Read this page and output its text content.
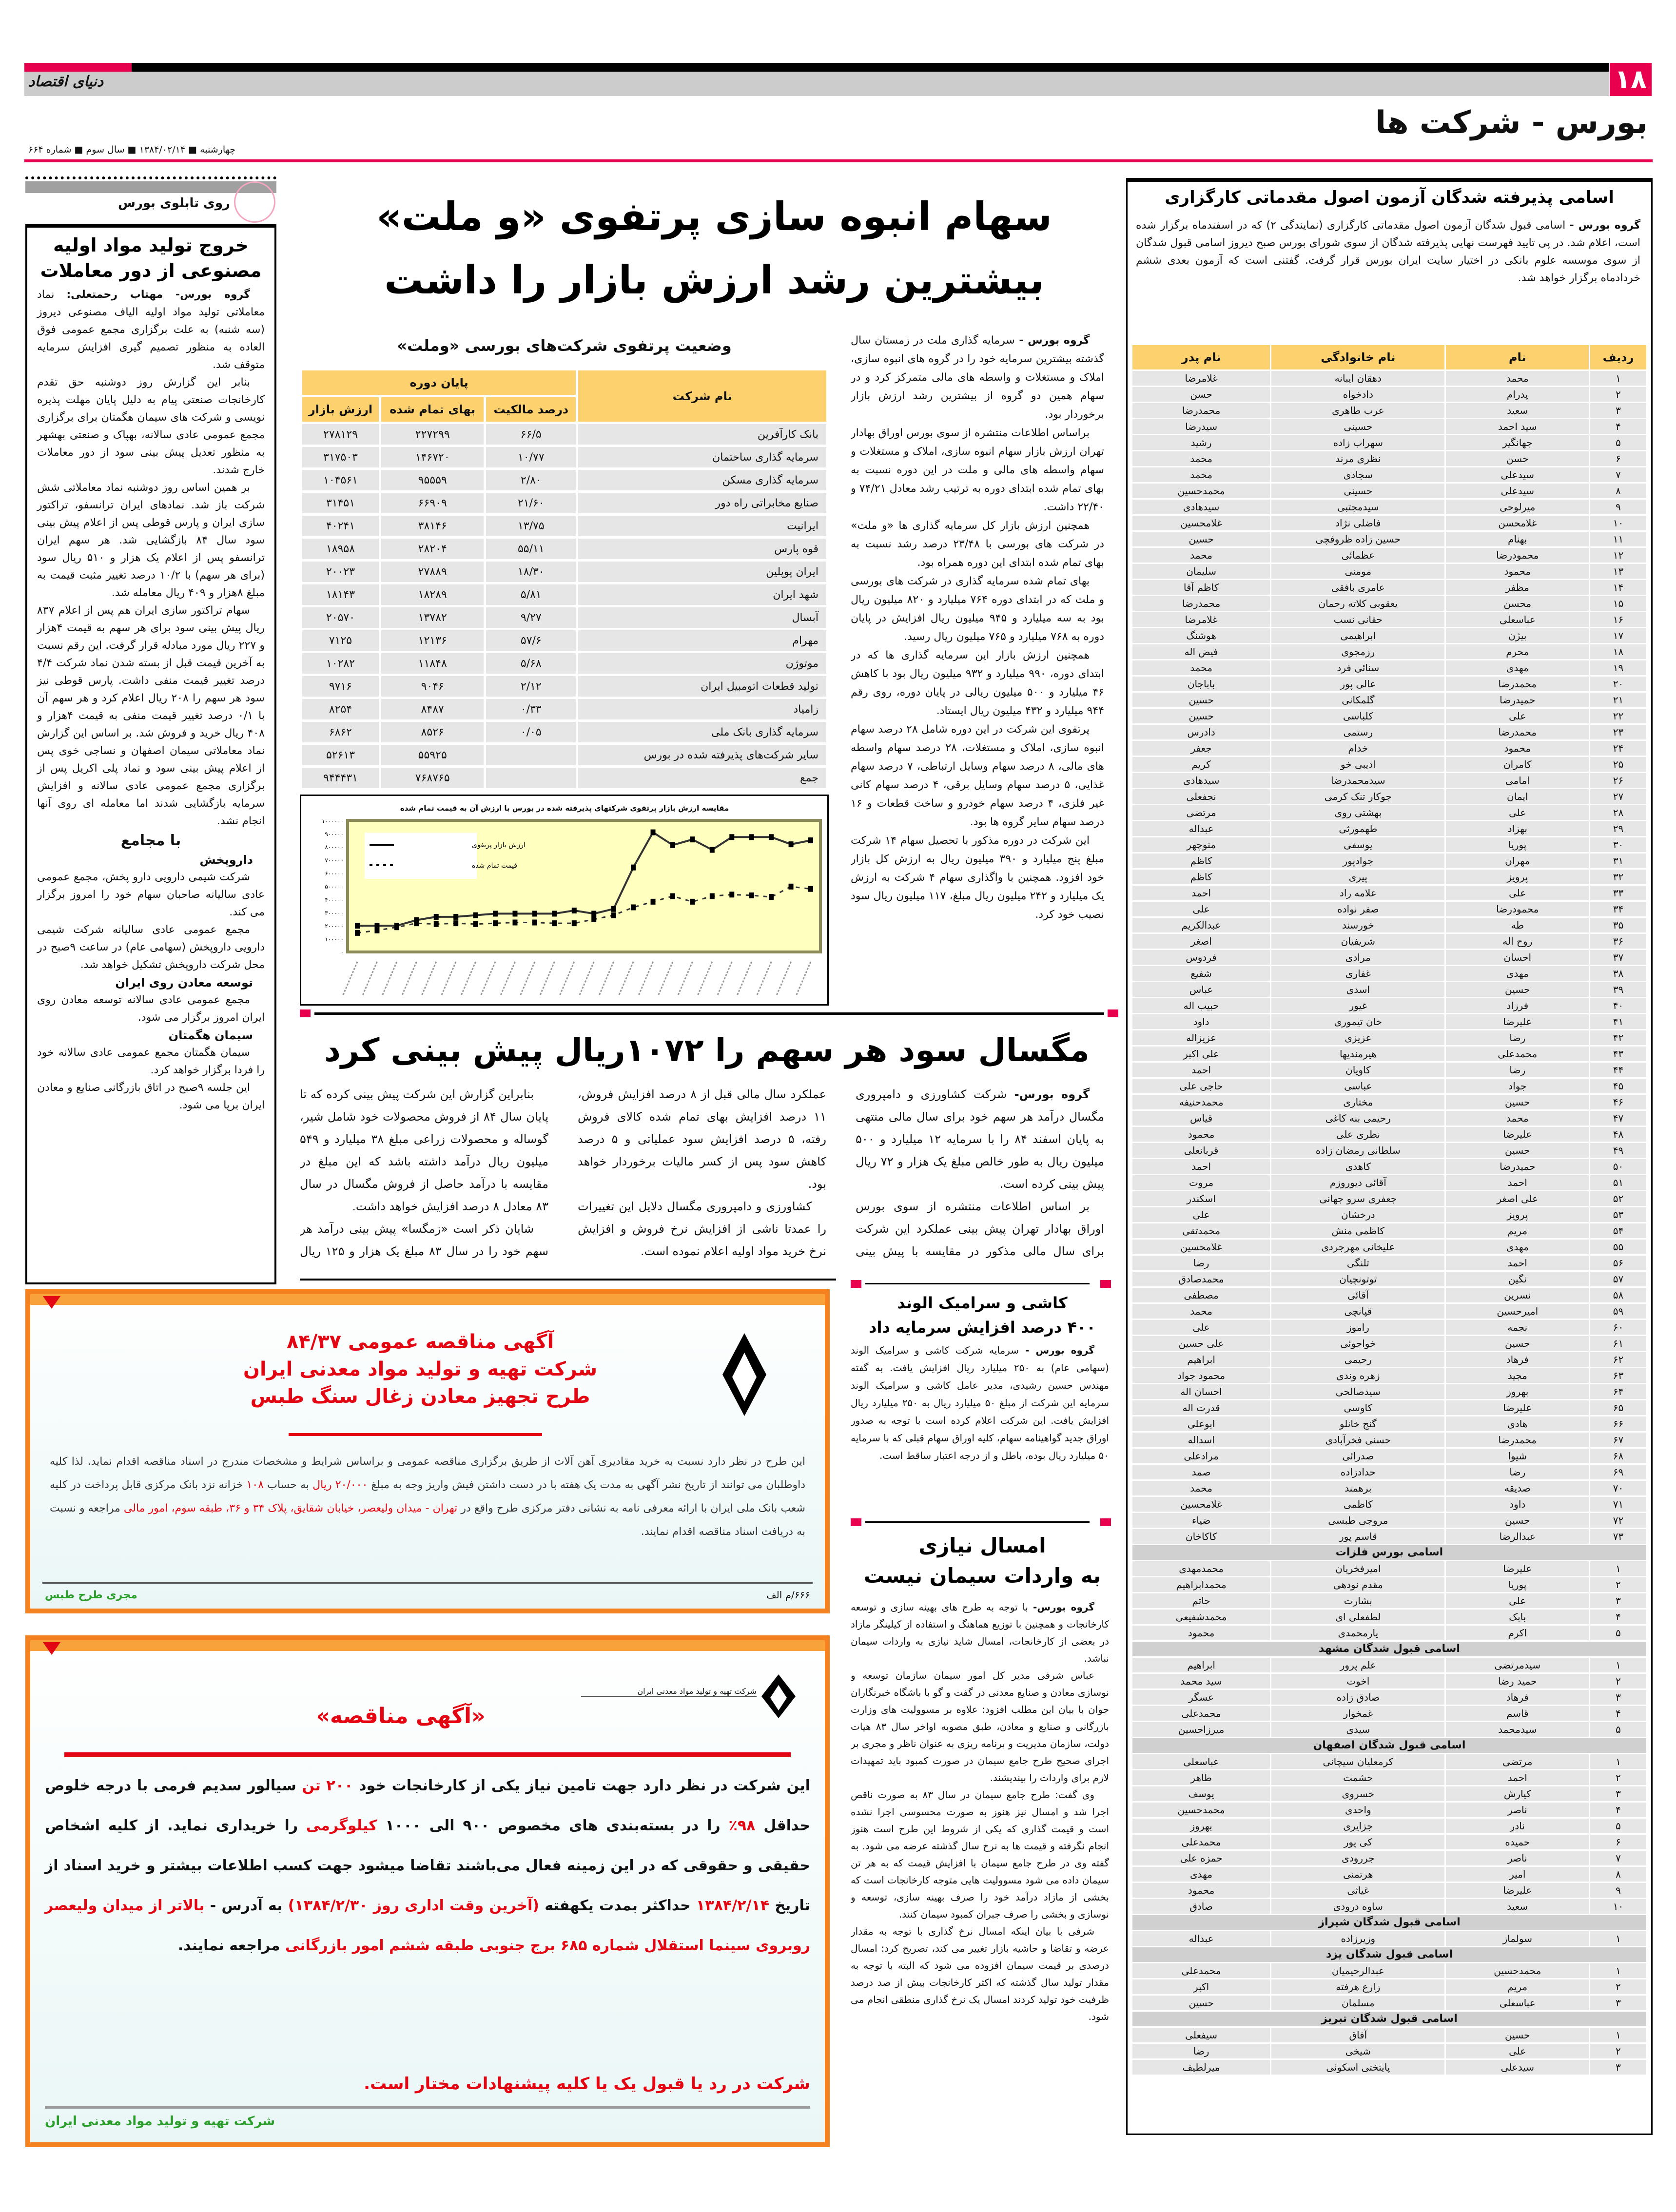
دنیای اقتصاد	۱۸
بورس - شرکت ها
چهارشنبه ■ ۱۳۸۴/۰۲/۱۴ ■ سال سوم ■ شماره ۶۶۴
روی تابلوی بورس
خروج تولید مواد اولیه مصنوعی از دور معاملات

گروه بورس- مهتاب رحمتعلی: نماد معاملاتی تولید مواد اولیه الیاف مصنوعی دیروز (سه شنبه) به علت برگزاری مجمع عمومی فوق العاده به منظور تصمیم گیری افزایش سرمایه متوقف شد.

بنابر این گزارش روز دوشنبه حق تقدم کارخانجات صنعتی پیام به دلیل پایان مهلت پذیره نویسی و شرکت های سیمان هگمتان برای برگزاری مجمع عمومی عادی سالانه، بهپاک و صنعتی بهشهر به منظور تعدیل پیش بینی سود از دور معاملات خارج شدند.

بر همین اساس روز دوشنبه نماد معاملاتی شش شرکت باز شد. نمادهای ایران ترانسفو، تراکتور سازی ایران و پارس قوطی پس از اعلام پیش بینی سود سال ۸۴ بازگشایی شد. هر سهم ایران ترانسفو پس از اعلام یک هزار و ۵۱۰ ریال سود (برای هر سهم) با ۱۰/۲ درصد تغییر مثبت قیمت به مبلغ ۸هزار و ۴۰۹ ریال معامله شد.

سهام تراکتور سازی ایران هم پس از اعلام ۸۳۷ ریال پیش بینی سود برای هر سهم به قیمت ۴هزار و ۲۲۷ ریال مورد مبادله قرار گرفت. این رقم نسبت به آخرین قیمت قبل از بسته شدن نماد شرکت ۴/۴ درصد تغییر قیمت منفی داشت. پارس قوطی نیز سود هر سهم را ۲۰۸ ریال اعلام کرد و هر سهم آن با ۰/۱ درصد تغییر قیمت منفی به قیمت ۴هزار و ۴۰۸ ریال خرید و فروش شد. بر اساس این گزارش نماد معاملاتی سیمان اصفهان و نساجی خوی پس از اعلام پیش بینی سود و نماد پلی اکریل پس از برگزاری مجمع عمومی عادی سالانه و افزایش سرمایه بازگشایی شدند اما معامله ای روی آنها انجام نشد.

با مجامع
داروپخش

شرکت شیمی دارویی دارو پخش، مجمع عمومی عادی سالیانه صاحبان سهام خود را امروز برگزار می کند.

مجمع عمومی عادی سالیانه شرکت شیمی دارویی داروپخش (سهامی عام) در ساعت ۹صبح در محل شرکت داروپخش تشکیل خواهد شد.

توسعه معادن روی ایران

مجمع عمومی عادی سالانه توسعه معادن روی ایران امروز برگزار می شود.

سیمان هگمتان

سیمان هگمتان مجمع عمومی عادی سالانه خود را فردا برگزار خواهد کرد.

این جلسه ۹صبح در اتاق بازرگانی صنایع و معادن ایران برپا می شود.

سهام انبوه سازی پرتفوی «و ملت» بیشترین رشد ارزش بازار را داشت
وضعیت پرتفوی شرکت‌های بورسی «وملت»
نام شرکت	پایان دوره		
	درصد مالکیت	بهای تمام شده	ارزش بازار
بانک کارآفرین	۶۶/۵	۲۲۷۲۹۹	۲۷۸۱۲۹
سرمایه گذاری ساختمان	۱۰/۷۷	۱۴۶۷۲۰	۳۱۷۵۰۳
سرمایه گذاری مسکن	۲/۸۰	۹۵۵۵۹	۱۰۴۵۶۱
صنایع مخابراتی راه دور	۲۱/۶۰	۶۶۹۰۹	۳۱۴۵۱
ایرانیت	۱۳/۷۵	۳۸۱۴۶	۴۰۲۴۱
قوه پارس	۵۵/۱۱	۲۸۲۰۴	۱۸۹۵۸
ایران پوپلین	۱۸/۳۰	۲۷۸۸۹	۲۰۰۲۳
شهد ایران	۵/۸۱	۱۸۲۸۹	۱۸۱۴۳
آبسال	۹/۲۷	۱۳۷۸۲	۲۰۵۷۰
مهرام	۵۷/۶	۱۲۱۳۶	۷۱۲۵
موتوژن	۵/۶۸	۱۱۸۴۸	۱۰۲۸۲
تولید قطعات اتومبیل ایران	۲/۱۲	۹۰۴۶	۹۷۱۶
زامیاد	۰/۳۳	۸۴۸۷	۸۲۵۴
سرمایه گذاری بانک ملی	۰/۰۵	۸۵۲۶	۶۸۶۲
سایر شرکت‌های پذیرفته شده در بورس		۵۵۹۲۵	۵۲۶۱۳
جمع		۷۶۸۷۶۵	۹۴۴۴۳۱
مقایسه ارزش بازار پرتفوی شرکتهای پذیرفته شده در بورس با ارزش آن به قیمت تمام شده
۰
۱۰۰۰۰۰
۲۰۰۰۰۰
۳۰۰۰۰۰
۴۰۰۰۰۰
۵۰۰۰۰۰
۶۰۰۰۰۰
۷۰۰۰۰۰
۸۰۰۰۰۰
۹۰۰۰۰۰
۱۰۰۰۰۰۰
ارزش بازار پرتفوی
قیمت تمام شده

گروه بورس - سرمایه گذاری ملت در زمستان سال گذشته بیشترین سرمایه خود را در گروه های انبوه سازی، املاک و مستغلات و واسطه های مالی متمرکز کرد و در سهام همین دو گروه از بیشترین رشد ارزش بازار برخوردار بود.

براساس اطلاعات منتشره از سوی بورس اوراق بهادار تهران ارزش بازار سهام انبوه سازی، املاک و مستغلات و سهام واسطه های مالی و ملت در این دوره نسبت به بهای تمام شده ابتدای دوره به ترتیب رشد معادل ۷۴/۲۱ و ۲۲/۴۰ داشت.

همچنین ارزش بازار کل سرمایه گذاری ها «و ملت» در شرکت های بورسی با ۲۳/۴۸ درصد رشد نسبت به بهای تمام شده ابتدای این دوره همراه بود.

بهای تمام شده سرمایه گذاری در شرکت های بورسی و ملت که در ابتدای دوره ۷۶۴ میلیارد و ۸۲۰ میلیون ریال بود به سه میلیارد و ۹۴۵ میلیون ریال افزایش در پایان دوره به ۷۶۸ میلیارد و ۷۶۵ میلیون ریال رسید.

همچنین ارزش بازار این سرمایه گذاری ها که در ابتدای دوره، ۹۹۰ میلیارد و ۹۳۲ میلیون ریال بود با کاهش ۴۶ میلیارد و ۵۰۰ میلیون ریالی در پایان دوره، روی رقم ۹۴۴ میلیارد و ۴۳۲ میلیون ریال ایستاد.

پرتفوی این شرکت در این دوره شامل ۲۸ درصد سهام انبوه سازی، املاک و مستغلات، ۲۸ درصد سهام واسطه های مالی، ۸ درصد سهام وسایل ارتباطی، ۷ درصد سهام غذایی، ۵ درصد سهام وسایل برقی، ۴ درصد سهام کانی غیر فلزی، ۴ درصد سهام خودرو و ساخت قطعات و ۱۶ درصد سهام سایر گروه ها بود.

این شرکت در دوره مذکور با تحصیل سهام ۱۴ شرکت مبلغ پنج میلیارد و ۳۹۰ میلیون ریال به ارزش کل بازار خود افزود. همچنین با واگذاری سهام ۴ شرکت به ارزش یک میلیارد و ۲۴۲ میلیون ریال مبلغ، ۱۱۷ میلیون ریال سود نصیب خود کرد.

مگسال سود هر سهم را ۱۰۷۲ریال پیش بینی کرد

گروه بورس- شرکت کشاورزی و دامپروری مگسال درآمد هر سهم خود برای سال مالی منتهی به پایان اسفند ۸۴ را با سرمایه ۱۲ میلیارد و ۵۰۰ میلیون ریال به طور خالص مبلغ یک هزار و ۷۲ ریال پیش بینی کرده است.

بر اساس اطلاعات منتشره از سوی بورس اوراق بهادار تهران پیش بینی عملکرد این شرکت برای سال مالی مذکور در مقایسه با پیش بینی عملکرد سال مالی قبل از ۸ درصد افزایش فروش، ۱۱ درصد افزایش بهای تمام شده کالای فروش رفته، ۵ درصد افزایش سود عملیاتی و ۵ درصد کاهش سود پس از کسر مالیات برخوردار خواهد بود.

کشاورزی و دامپروری مگسال دلایل این تغییرات را عمدتا ناشی از افزایش نرخ فروش و افزایش نرخ خرید مواد اولیه اعلام نموده است.

بنابراین گزارش این شرکت پیش بینی کرده که تا پایان سال ۸۴ از فروش محصولات خود شامل شیر، گوساله و محصولات زراعی مبلغ ۳۸ میلیارد و ۵۴۹ میلیون ریال درآمد داشته باشد که این مبلغ در مقایسه با درآمد حاصل از فروش مگسال در سال ۸۳ معادل ۸ درصد افزایش خواهد داشت.

شایان ذکر است «زمگسا» پیش بینی درآمد هر سهم خود را در سال ۸۳ مبلغ یک هزار و ۱۲۵ ریال

کاشی و سرامیک الوند
۴۰۰ درصد افزایش سرمایه داد

گروه بورس - سرمایه شرکت کاشی و سرامیک الوند (سهامی عام) به ۲۵۰ میلیارد ریال افزایش یافت. به گفته مهندس حسین رشیدی، مدیر عامل کاشی و سرامیک الوند سرمایه این شرکت از مبلغ ۵۰ میلیارد ریال به ۲۵۰ میلیارد ریال افزایش یافت. این شرکت اعلام کرده است با توجه به صدور اوراق جدید گواهینامه سهام، کلیه اوراق سهام قبلی که با سرمایه ۵۰ میلیارد ریال بوده، باطل و از درجه اعتبار ساقط است.

امسال نیازی
به واردات سیمان نیست

گروه بورس- با توجه به طرح های بهینه سازی و توسعه کارخانجات و همچنین با توزیع هماهنگ و استفاده از کیلینگر مازاد در بعضی از کارخانجات، امسال شاید نیازی به واردات سیمان نباشد.

عباس شرفی مدیر کل امور سیمان سازمان توسعه و نوسازی معادن و صنایع معدنی در گفت و گو با باشگاه خبرنگاران جوان با بیان این مطلب افزود: علاوه بر مسوولیت های وزارت بازرگانی و صنایع و معادن، طبق مصوبه اواخر سال ۸۳ هیات دولت، سازمان مدیریت و برنامه ریزی به عنوان ناظر و مجری بر اجرای صحیح طرح جامع سیمان در صورت کمبود باید تمهیدات لازم برای واردات را بیندیشند.

وی گفت: طرح جامع سیمان در سال ۸۳ به صورت ناقص اجرا شد و امسال نیز هنوز به صورت محسوسی اجرا نشده است و قیمت گذاری که یکی از شروط این طرح است هنوز انجام نگرفته و قیمت ها به نرخ سال گذشته عرضه می شود. به گفته وی در طرح جامع سیمان با افزایش قیمت که به هر تن سیمان داده می شود مسوولیت هایی متوجه کارخانجات است که بخشی از مازاد درآمد خود را صرف بهینه سازی، توسعه و نوسازی و بخشی را صرف جبران کمبود سیمان کنند.

شرفی با بیان اینکه امسال نرخ گذاری با توجه به مقدار عرضه و تقاضا و حاشیه بازار تغییر می کند، تصریح کرد: امسال درصدی بر قیمت سیمان افزوده می شود که البته با توجه به مقدار تولید سال گذشته که اکثر کارخانجات بیش از صد درصد ظرفیت خود تولید کردند امسال یک نرخ گذاری منطقی انجام می شود.

اسامی پذیرفته شدگان آزمون اصول مقدماتی کارگزاری
گروه بورس - اسامی قبول شدگان آزمون اصول مقدماتی کارگزاری (نمایندگی ۲) که در اسفندماه برگزار شده است، اعلام شد. در پی تایید فهرست نهایی پذیرفته شدگان از سوی شورای بورس صبح دیروز اسامی قبول شدگان از سوی موسسه علوم بانکی در اختیار سایت ایران بورس قرار گرفت. گفتنی است که آزمون بعدی ششم خردادماه برگزار خواهد شد.
ردیف	نام	نام خانوادگی	نام پدر
۱	محمد	دهقان ایبانه	غلامرضا
۲	پدرام	دادخواه	حسن
۳	سعید	عرب طاهری	محمدرضا
۴	سید احمد	حسینی	سیدرضا
۵	جهانگیر	سهراب زاده	رشید
۶	حسن	نظری مرند	محمد
۷	سیدعلی	سجادی	محمد
۸	سیدعلی	حسینی	محمدحسین
۹	میرلوحی	سیدمجتبی	سیدهادی
۱۰	غلامحسن	فاضلی نژاد	غلامحسین
۱۱	بهنام	حسین زاده ظروفچی	حسین
۱۲	محمودرضا	عظمائی	محمد
۱۳	محمود	مومنی	سلیمان
۱۴	مظفر	عامری بافقی	کاظم آقا
۱۵	محسن	یعقوبی کلاته رحمان	محمدرضا
۱۶	عباسعلی	حقانی نسب	غلامرضا
۱۷	بیژن	ابراهیمی	هوشنگ
۱۸	محرم	رزمجوی	فیض اله
۱۹	مهدی	سنائی فرد	محمد
۲۰	محمدرضا	عالی پور	باباجان
۲۱	حمیدرضا	گلمکانی	حسین
۲۲	علی	کلباسی	حسین
۲۳	محمدرضا	رستمی	دادرس
۲۴	محمود	خدام	جعفر
۲۵	کامران	ادیبی خو	کریم
۲۶	امامی	سیدمحمدرضا	سیدهادی
۲۷	ایمان	جوکار تنک کرمی	نجفعلی
۲۸	علی	بهشتی روی	مرتضی
۲۹	بهزاد	طهمورثی	عبداله
۳۰	پوریا	یوسفی	منوچهر
۳۱	مهران	جوادپور	کاظم
۳۲	پرویز	پیری	کاظم
۳۳	علی	علامه راد	احمد
۳۴	محمودرضا	صفر نواده	علی
۳۵	طه	خورسند	عبدالکریم
۳۶	روح اله	شریفیان	اصغر
۳۷	احسان	مرادی	فردوس
۳۸	مهدی	غفاری	شفیع
۳۹	حسین	اسدی	عباس
۴۰	فرزاد	غیور	حبیب اله
۴۱	علیرضا	خان تیموری	داود
۴۲	رضا	عزیزی	عزیزاله
۴۳	محمدعلی	هیرمندیها	علی اکبر
۴۴	رضا	کاویان	احمد
۴۵	جواد	عباسی	حاجی علی
۴۶	حسین	مختاری	محمدحنیفه
۴۷	محمد	رحیمی بنه کاغی	قیاس
۴۸	علیرضا	نظری علی	محمود
۴۹	حسین	سلطانی رمضان زاده	قربانعلی
۵۰	حمیدرضا	کاهدی	احمد
۵۱	احمد	آقائی دیوروزم	مروت
۵۲	علی اصغر	جعفری سرو جهانی	اسکندر
۵۳	پرویز	درخشان	علی
۵۴	مریم	کاظمی منش	محمدتقی
۵۵	مهدی	علیخانی مهرجردی	غلامحسین
۵۶	احمد	تلنگی	رضا
۵۷	نگین	توتونچیان	محمدصادق
۵۸	نسرین	آقائی	مصطفی
۵۹	امیرحسین	قپانچی	محمد
۶۰	نجمه	راموز	علی
۶۱	حسین	خواجوئی	علی حسین
۶۲	فرهاد	رحیمی	ابراهیم
۶۳	مجید	زهره وندی	محمود جواد
۶۴	بهروز	سیدصالحی	احسان اله
۶۵	علیرضا	کاوسی	قدرت اله
۶۶	هادی	گنج خانلو	ابوعلی
۶۷	محمدرضا	حسنی فخرآبادی	اسداله
۶۸	شیوا	صدرائی	مرادعلی
۶۹	رضا	حدادزاده	صمد
۷۰	صدیقه	برهمند	محمد
۷۱	داود	کاظمی	غلامحسین
۷۲	حسین	مروجی طبسی	ضیاء
۷۳	عبدالرضا	قاسم پور	کاکاخان
اسامی بورس فلزات			
۱	علیرضا	امیرفخریان	محمدمهدی
۲	پوریا	مقدم نودهی	محمدابراهیم
۳	علی	بشارت	حاتم
۴	بابک	لطفعلی ای	محمدشفیعی
۵	اکرم	یارمحمدی	محمود
اسامی قبول شدگان مشهد			
۱	سیدمرتضی	علم پرور	ابراهیم
۲	حمید رضا	اخوت	سید محمد
۳	فرهاد	صادق زاده	عسگر
۴	قاسم	غمخوار	محمدعلی
۵	سیدمحمد	سیدی	میرزاحسین
اسامی قبول شدگان اصفهان			
۱	مرتضی	کرمعلیان سیچانی	عباسعلی
۲	احمد	حشمت	طاهر
۳	کیارش	خسروی	یوسف
۴	ناصر	واحدی	محمدحسین
۵	نادر	جزایری	بهروز
۶	حمیده	کی پور	محمدعلی
۷	ناصر	جررودی	حمزه علی
۸	امیر	هرتمنی	مهدی
۹	علیرضا	غیاثی	محمود
۱۰	سعید	ساوه درودی	صادق
اسامی قبول شدگان شیراز			
۱	سولماز	وزیرزاده	عبداله
اسامی قبول شدگان یزد			
۱	محمدحسین	عبدالرحیمیان	محمدعلی
۲	مریم	زارع هرفته	اکبر
۳	عباسعلی	مسلمان	حسین
اسامی قبول شدگان تبریز			
۱	حسین	آفاق	سیفعلی
۲	علی	شیخی	رضا
۳	سیدعلی	پایتختی اسکوئی	میرلطیف
آگهی مناقصه عمومی ۸۴/۳۷
شرکت تهیه و تولید مواد معدنی ایران
طرح تجهیز معادن زغال سنگ طبس
این طرح در نظر دارد نسبت به خرید مقادیری آهن آلات از طریق برگزاری مناقصه عمومی و براساس شرایط و مشخصات مندرج در اسناد مناقصه اقدام نماید. لذا کلیه داوطلبان می توانند از تاریخ نشر آگهی به مدت یک هفته با در دست داشتن فیش واریز وجه به مبلغ ۲۰/۰۰۰ ریال به حساب ۱۰۸ خزانه نزد بانک مرکزی قابل پرداخت در کلیه شعب بانک ملی ایران با ارائه معرفی نامه به نشانی دفتر مرکزی طرح واقع در تهران - میدان ولیعصر، خیابان شقایق، پلاک ۳۴ و ۳۶، طبقه سوم، امور مالی مراجعه و نسبت به دریافت اسناد مناقصه اقدام نمایند.
۶۶۶/م الف
مجری طرح طبس
شرکت تهیه و تولید مواد معدنی ایران
«آگهی مناقصه»
این شرکت در نظر دارد جهت تامین نیاز یکی از کارخانجات خود ۲۰۰ تن سیالور سدیم فرمی با درجه خلوص حداقل ۹۸٪ را در بسته‌بندی های مخصوص ۹۰۰ الی ۱۰۰۰ کیلوگرمی را خریداری نماید. از کلیه اشخاص حقیقی و حقوقی که در این زمینه فعال می‌باشند تقاضا میشود جهت کسب اطلاعات بیشتر و خرید اسناد از تاریخ ۱۳۸۴/۲/۱۴ حداکثر بمدت یکهفته (آخرین وقت اداری روز ۱۳۸۴/۲/۳۰) به آدرس - بالاتر از میدان ولیعصر روبروی سینما استقلال شماره ۶۸۵ برج جنوبی طبقه ششم امور بازرگانی مراجعه نمایند.
شرکت در رد یا قبول یک یا کلیه پیشنهادات مختار است.
شرکت تهیه و تولید مواد معدنی ایران
